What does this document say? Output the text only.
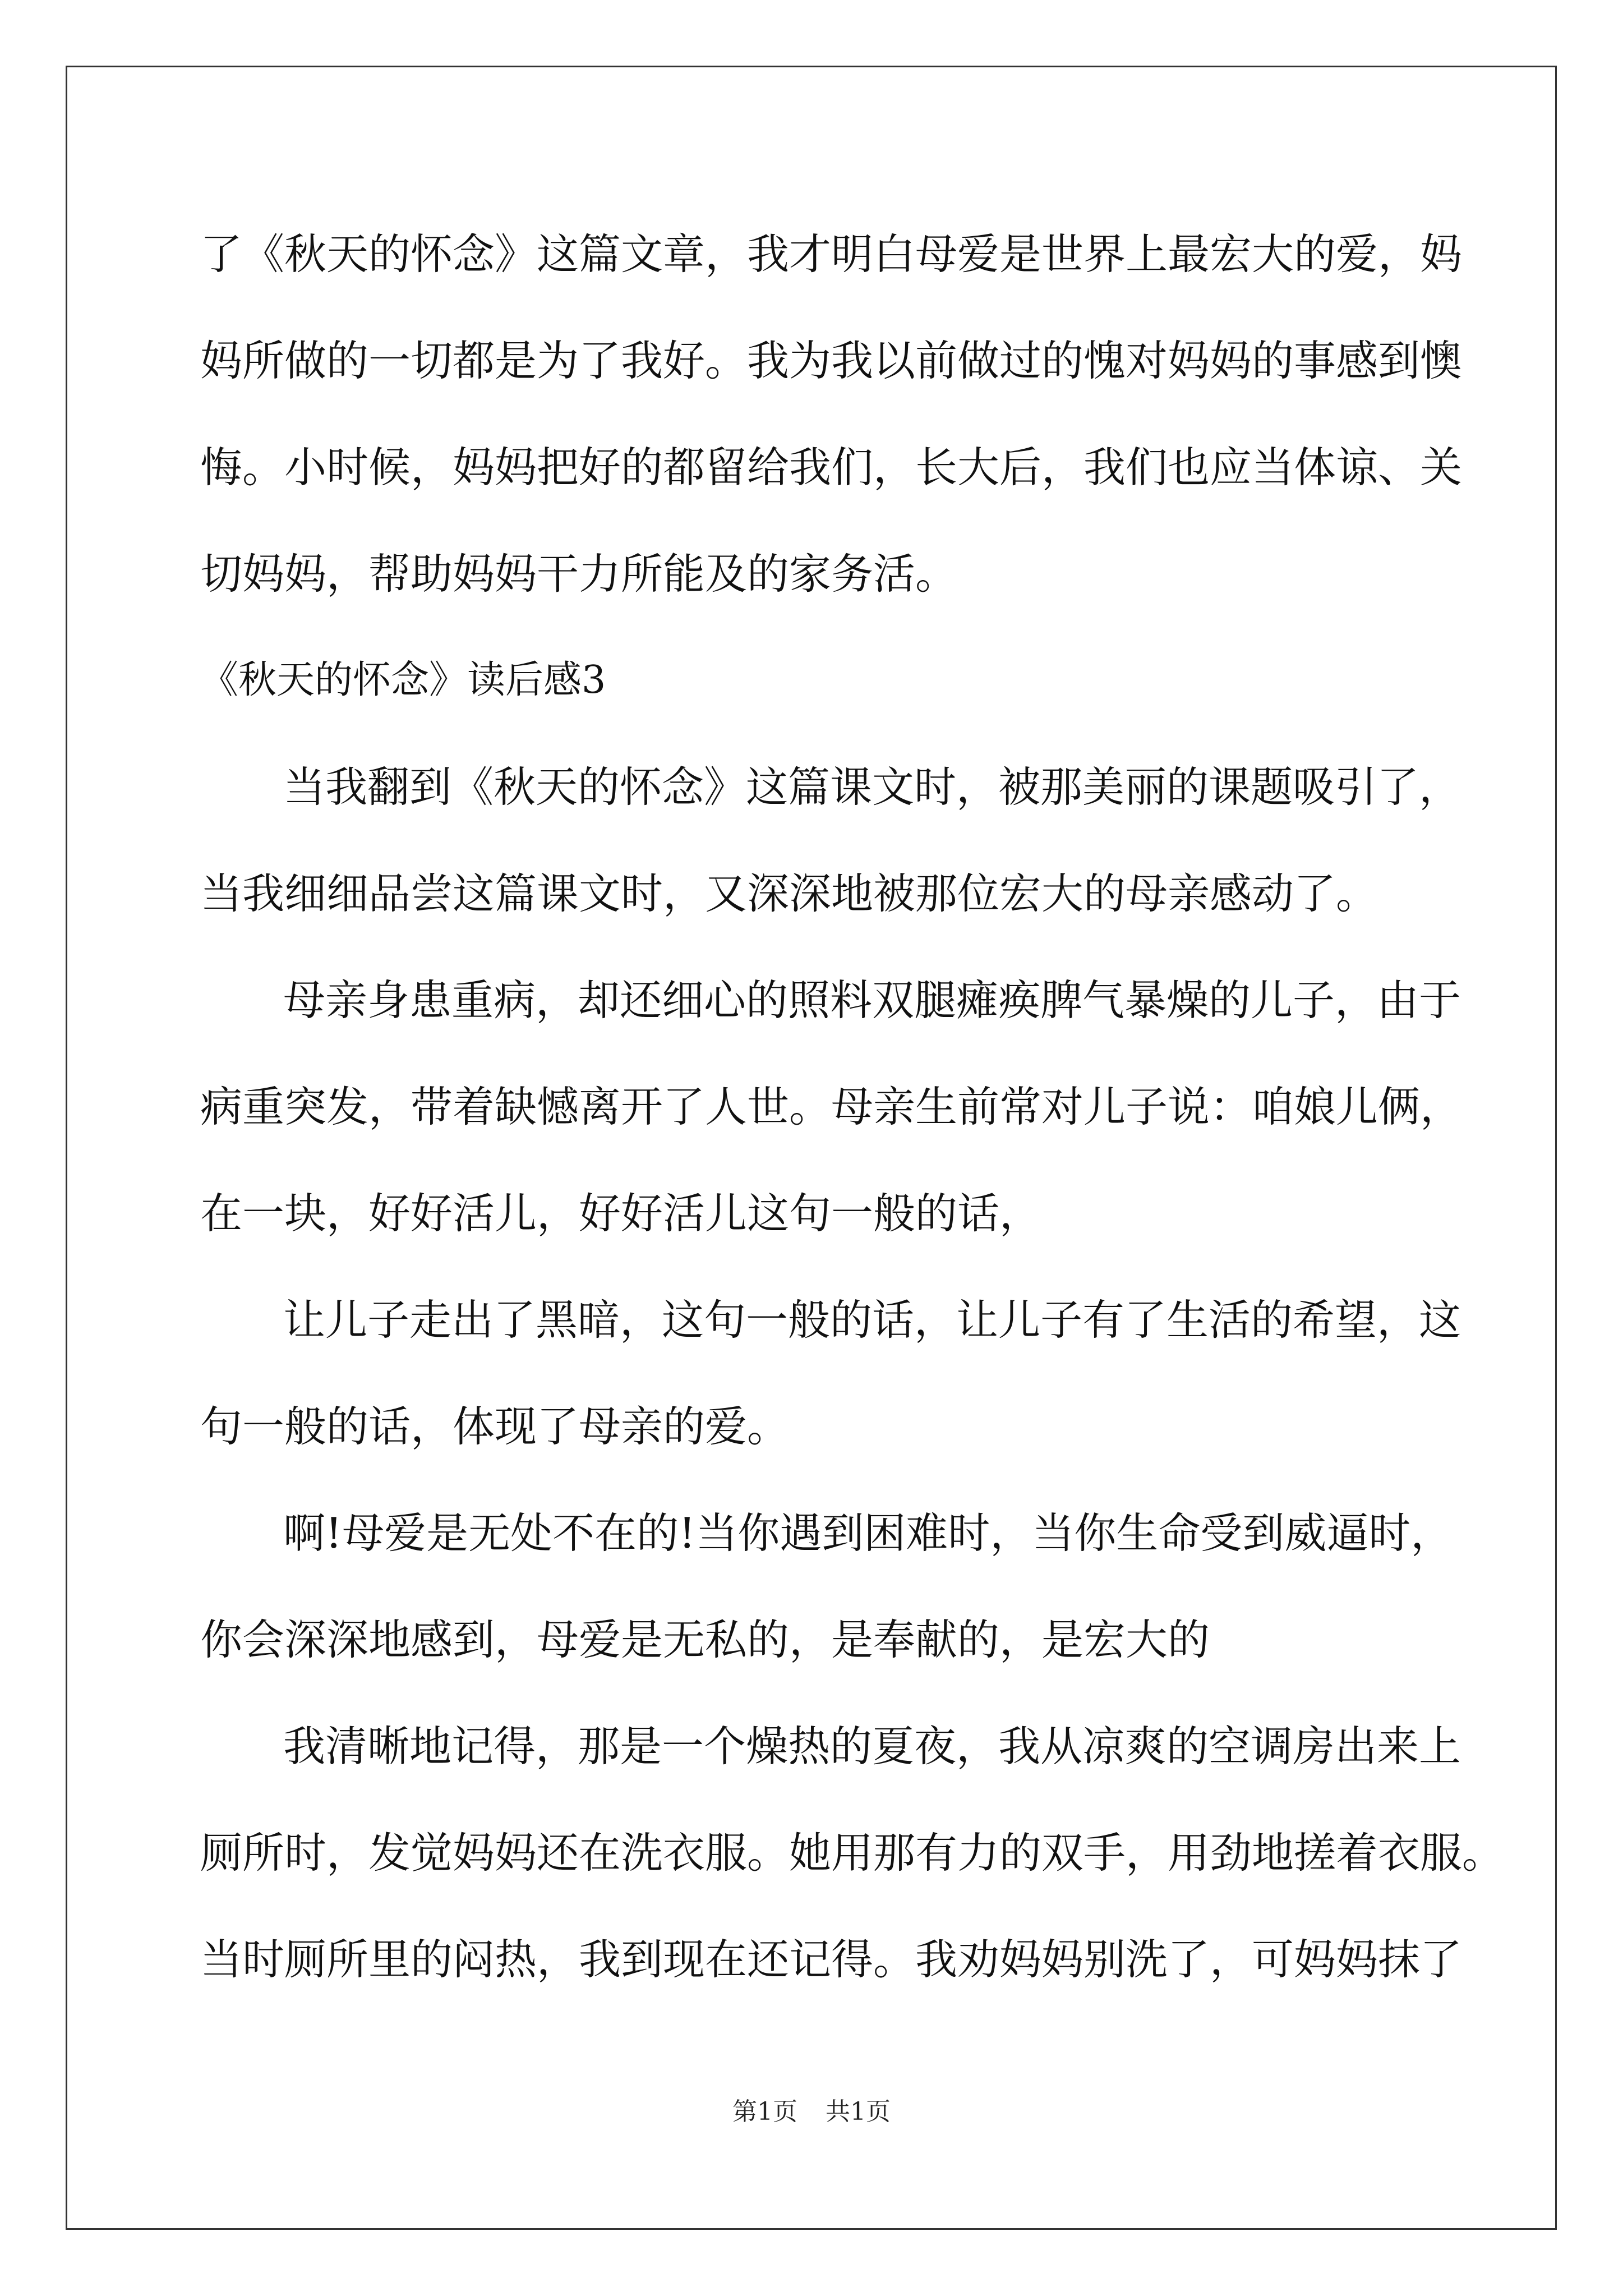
了《秋天的怀念》这篇文章，我才明白母爱是世界上最宏大的爱，妈
妈所做的一切都是为了我好。我为我以前做过的愧对妈妈的事感到懊
悔。小时候，妈妈把好的都留给我们，长大后，我们也应当体谅、关
切妈妈，帮助妈妈干力所能及的家务活。
《秋天的怀念》读后感3
当我翻到《秋天的怀念》这篇课文时，被那美丽的课题吸引了，
当我细细品尝这篇课文时，又深深地被那位宏大的母亲感动了。
母亲身患重病，却还细心的照料双腿瘫痪脾气暴燥的儿子，由于
病重突发，带着缺憾离开了人世。母亲生前常对儿子说：咱娘儿俩，
在一块，好好活儿，好好活儿这句一般的话，
让儿子走出了黑暗，这句一般的话，让儿子有了生活的希望，这
句一般的话，体现了母亲的爱。
啊!母爱是无处不在的!当你遇到困难时，当你生命受到威逼时，
你会深深地感到，母爱是无私的，是奉献的，是宏大的
我清晰地记得，那是一个燥热的夏夜，我从凉爽的空调房出来上
厕所时，发觉妈妈还在洗衣服。她用那有力的双手，用劲地搓着衣服。
当时厕所里的闷热，我到现在还记得。我劝妈妈别洗了，可妈妈抹了
第1页 共1页
